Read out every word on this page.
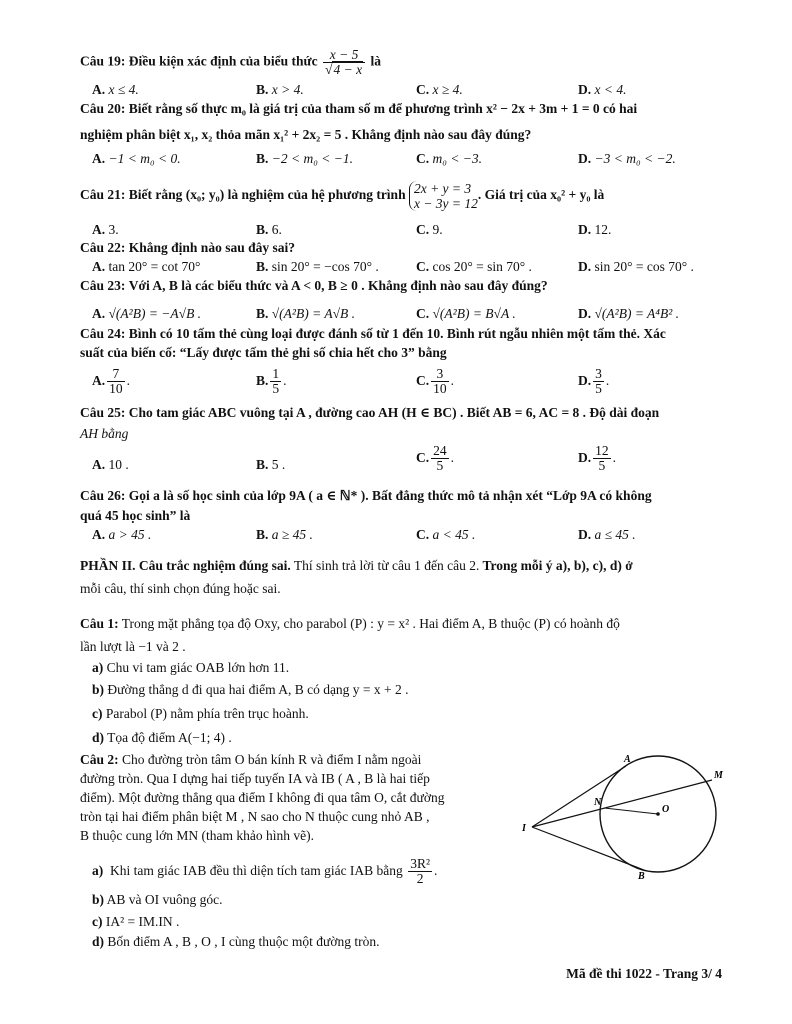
Câu 19: Điều kiện xác định của biểu thức $\frac{x - 5}{√4 - x}$ là
A. x ≤ 4.	B. x > 4.	C. x ≥ 4.	D. x < 4.
Câu 20: Biết rằng số thực m₀ là giá trị của tham số m để phương trình x² − 2x + 3m + 1 = 0 có hai
nghiệm phân biệt x₁, x₂ thỏa mãn x₁² + 2x₂ = 5 . Khẳng định nào sau đây đúng?
A. −1 < m₀ < 0.	B. −2 < m₀ < −1.	C. m₀ < −3.	D. −3 < m₀ < −2.
Câu 21: Biết rằng (x₀; y₀) là nghiệm của hệ phương trình 2x + y = 3
x − 3y = 12
. Giá trị của x₀² + y₀ là
A. 3.	B. 6.	C. 9.	D. 12.
Câu 22: Khẳng định nào sau đây sai?
A. tan 20° = cot 70°	B. sin 20° = −cos 70° .	C. cos 20° = sin 70° .	D. sin 20° = cos 70° .
Câu 23: Với A, B là các biểu thức và A < 0, B ≥ 0 . Khẳng định nào sau đây đúng?
A. √(A²B) = −A√B .	B. √(A²B) = A√B .	C. √(A²B) = B√A .	D. √(A²B) = A⁴B² .
Câu 24: Bình có 10 tấm thẻ cùng loại được đánh số từ 1 đến 10. Bình rút ngẫu nhiên một tấm thẻ. Xác
suất của biến cố: “Lấy được tấm thẻ ghi số chia hết cho 3” bằng
A. $\frac{7}{10}$ .	B. $\frac{1}{5}$ .	C. $\frac{3}{10}$ .	D. $\frac{3}{5}$ .
Câu 25: Cho tam giác ABC vuông tại A , đường cao AH (H ∈ BC) . Biết AB = 6, AC = 8 . Độ dài đoạn
AH bằng
A. 10 .	B. 5 .	C. $\frac{24}{5}$ .	D. $\frac{12}{5}$ .
Câu 26: Gọi a là số học sinh của lớp 9A ( a ∈ ℕ* ). Bất đẳng thức mô tả nhận xét “Lớp 9A có không
quá 45 học sinh” là
A. a > 45 .	B. a ≥ 45 .	C. a < 45 .	D. a ≤ 45 .
PHẦN II. Câu trắc nghiệm đúng sai. Thí sinh trả lời từ câu 1 đến câu 2. Trong mỗi ý a), b), c), d) ở
mỗi câu, thí sinh chọn đúng hoặc sai.
Câu 1: Trong mặt phẳng tọa độ Oxy, cho parabol (P) : y = x² . Hai điểm A, B thuộc (P) có hoành độ
lần lượt là −1 và 2 .
a) Chu vi tam giác OAB lớn hơn 11.
b) Đường thẳng d đi qua hai điểm A, B có dạng y = x + 2 .
c) Parabol (P) nằm phía trên trục hoành.
d) Tọa độ điểm A(−1; 4) .
Câu 2: Cho đường tròn tâm O bán kính R và điểm I nằm ngoài
đường tròn. Qua I dựng hai tiếp tuyến IA và IB ( A , B là hai tiếp
điểm). Một đường thẳng qua điểm I không đi qua tâm O, cắt đường
tròn tại hai điểm phân biệt M , N sao cho N thuộc cung nhỏ AB ,
B thuộc cung lớn MN (tham khảo hình vẽ).
a) Khi tam giác IAB đều thì diện tích tam giác IAB bằng $\frac{\text{3R²}}{2}$ .
b) AB và OI vuông góc.
c) IA² = IM.IN .
d) Bốn điểm A , B , O , I cùng thuộc một đường tròn.
A
M
N
O
I
B
Mã đề thi 1022 - Trang 3/ 4
